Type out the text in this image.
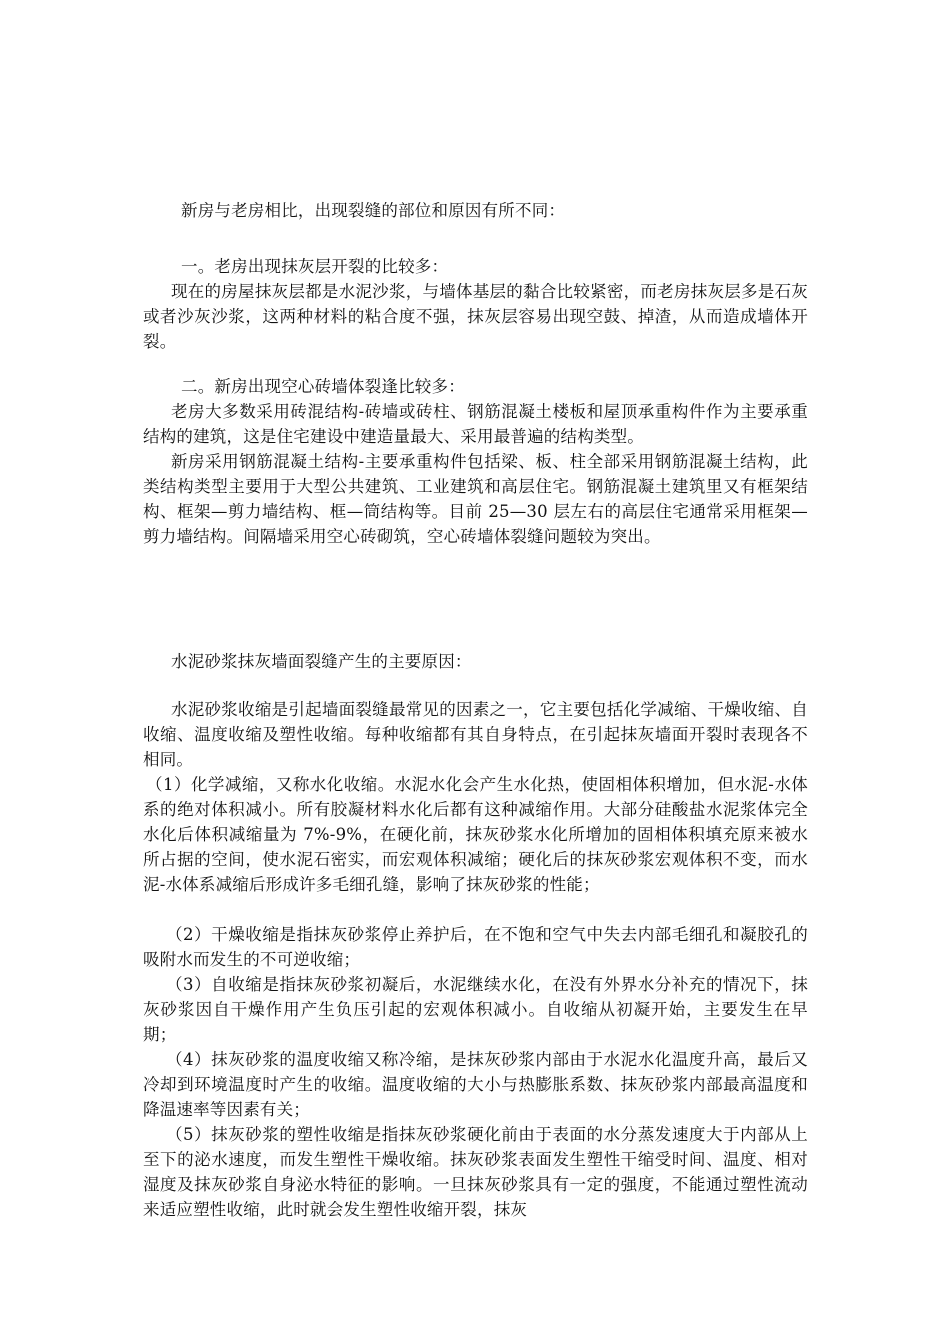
新房与老房相比，出现裂缝的部位和原因有所不同：

一。老房出现抹灰层开裂的比较多：

现在的房屋抹灰层都是水泥沙浆，与墙体基层的黏合比较紧密，而老房抹灰层多是石灰或者沙灰沙浆，这两种材料的粘合度不强，抹灰层容易出现空鼓、掉渣，从而造成墙体开裂。

二。新房出现空心砖墙体裂逢比较多：

老房大多数采用砖混结构-砖墙或砖柱、钢筋混凝土楼板和屋顶承重构件作为主要承重结构的建筑，这是住宅建设中建造量最大、采用最普遍的结构类型。

新房采用钢筋混凝土结构-主要承重构件包括梁、板、柱全部采用钢筋混凝土结构，此类结构类型主要用于大型公共建筑、工业建筑和高层住宅。钢筋混凝土建筑里又有框架结构、框架—剪力墙结构、框—筒结构等。目前 25—30 层左右的高层住宅通常采用框架—剪力墙结构。间隔墙采用空心砖砌筑，空心砖墙体裂缝问题较为突出。

水泥砂浆抹灰墙面裂缝产生的主要原因：

水泥砂浆收缩是引起墙面裂缝最常见的因素之一，它主要包括化学减缩、干燥收缩、自收缩、温度收缩及塑性收缩。每种收缩都有其自身特点，在引起抹灰墙面开裂时表现各不相同。

（1）化学减缩，又称水化收缩。水泥水化会产生水化热，使固相体积增加，但水泥-水体系的绝对体积减小。所有胶凝材料水化后都有这种减缩作用。大部分硅酸盐水泥浆体完全水化后体积减缩量为 7%-9%，在硬化前，抹灰砂浆水化所增加的固相体积填充原来被水所占据的空间，使水泥石密实，而宏观体积减缩；硬化后的抹灰砂浆宏观体积不变，而水泥-水体系减缩后形成许多毛细孔缝，影响了抹灰砂浆的性能；

（2）干燥收缩是指抹灰砂浆停止养护后，在不饱和空气中失去内部毛细孔和凝胶孔的吸附水而发生的不可逆收缩；

（3）自收缩是指抹灰砂浆初凝后，水泥继续水化，在没有外界水分补充的情况下，抹灰砂浆因自干燥作用产生负压引起的宏观体积减小。自收缩从初凝开始，主要发生在早期；

（4）抹灰砂浆的温度收缩又称冷缩，是抹灰砂浆内部由于水泥水化温度升高，最后又冷却到环境温度时产生的收缩。温度收缩的大小与热膨胀系数、抹灰砂浆内部最高温度和降温速率等因素有关；

（5）抹灰砂浆的塑性收缩是指抹灰砂浆硬化前由于表面的水分蒸发速度大于内部从上至下的泌水速度，而发生塑性干燥收缩。抹灰砂浆表面发生塑性干缩受时间、温度、相对湿度及抹灰砂浆自身泌水特征的影响。一旦抹灰砂浆具有一定的强度，不能通过塑性流动来适应塑性收缩，此时就会发生塑性收缩开裂，抹灰
